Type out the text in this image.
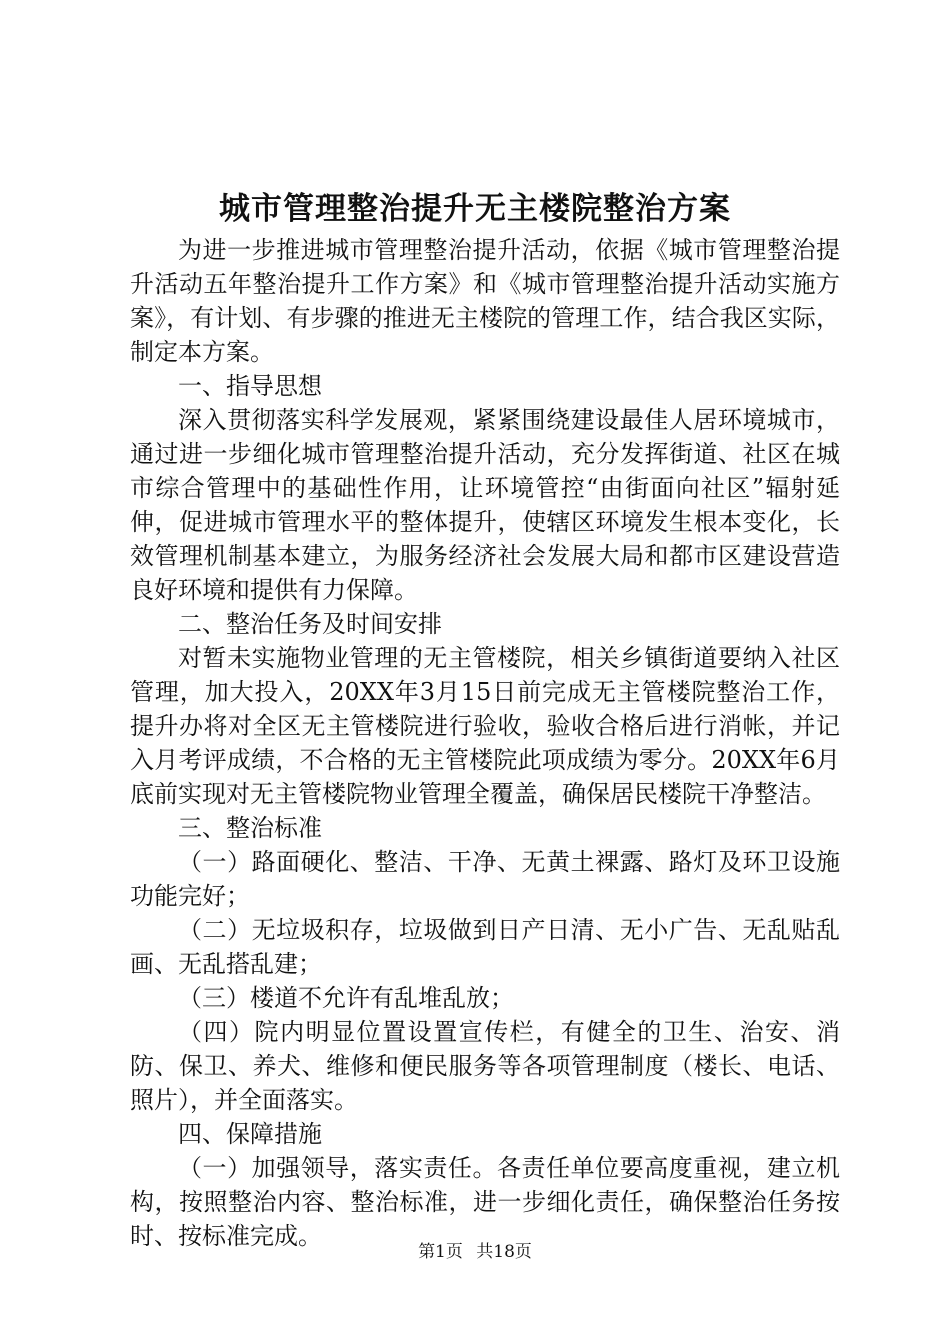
城市管理整治提升无主楼院整治方案

为进一步推进城市管理整治提升活动，依据《城市管理整治提升活动五年整治提升工作方案》和《城市管理整治提升活动实施方案》，有计划、有步骤的推进无主楼院的管理工作，结合我区实际，制定本方案。

一、指导思想

深入贯彻落实科学发展观，紧紧围绕建设最佳人居环境城市，通过进一步细化城市管理整治提升活动，充分发挥街道、社区在城市综合管理中的基础性作用，让环境管控“由街面向社区”辐射延伸，促进城市管理水平的整体提升，使辖区环境发生根本变化，长效管理机制基本建立，为服务经济社会发展大局和都市区建设营造良好环境和提供有力保障。

二、整治任务及时间安排

对暂未实施物业管理的无主管楼院，相关乡镇街道要纳入社区管理，加大投入，20XX年3月15日前完成无主管楼院整治工作，提升办将对全区无主管楼院进行验收，验收合格后进行消帐，并记入月考评成绩，不合格的无主管楼院此项成绩为零分。20XX年6月底前实现对无主管楼院物业管理全覆盖，确保居民楼院干净整洁。

三、整治标准

（一）路面硬化、整洁、干净、无黄土裸露、路灯及环卫设施功能完好；

（二）无垃圾积存，垃圾做到日产日清、无小广告、无乱贴乱画、无乱搭乱建；

（三）楼道不允许有乱堆乱放；

（四）院内明显位置设置宣传栏，有健全的卫生、治安、消防、保卫、养犬、维修和便民服务等各项管理制度（楼长、电话、照片），并全面落实。

四、保障措施

（一）加强领导，落实责任。各责任单位要高度重视，建立机构，按照整治内容、整治标准，进一步细化责任，确保整治任务按时、按标准完成。

第1页 共18页
